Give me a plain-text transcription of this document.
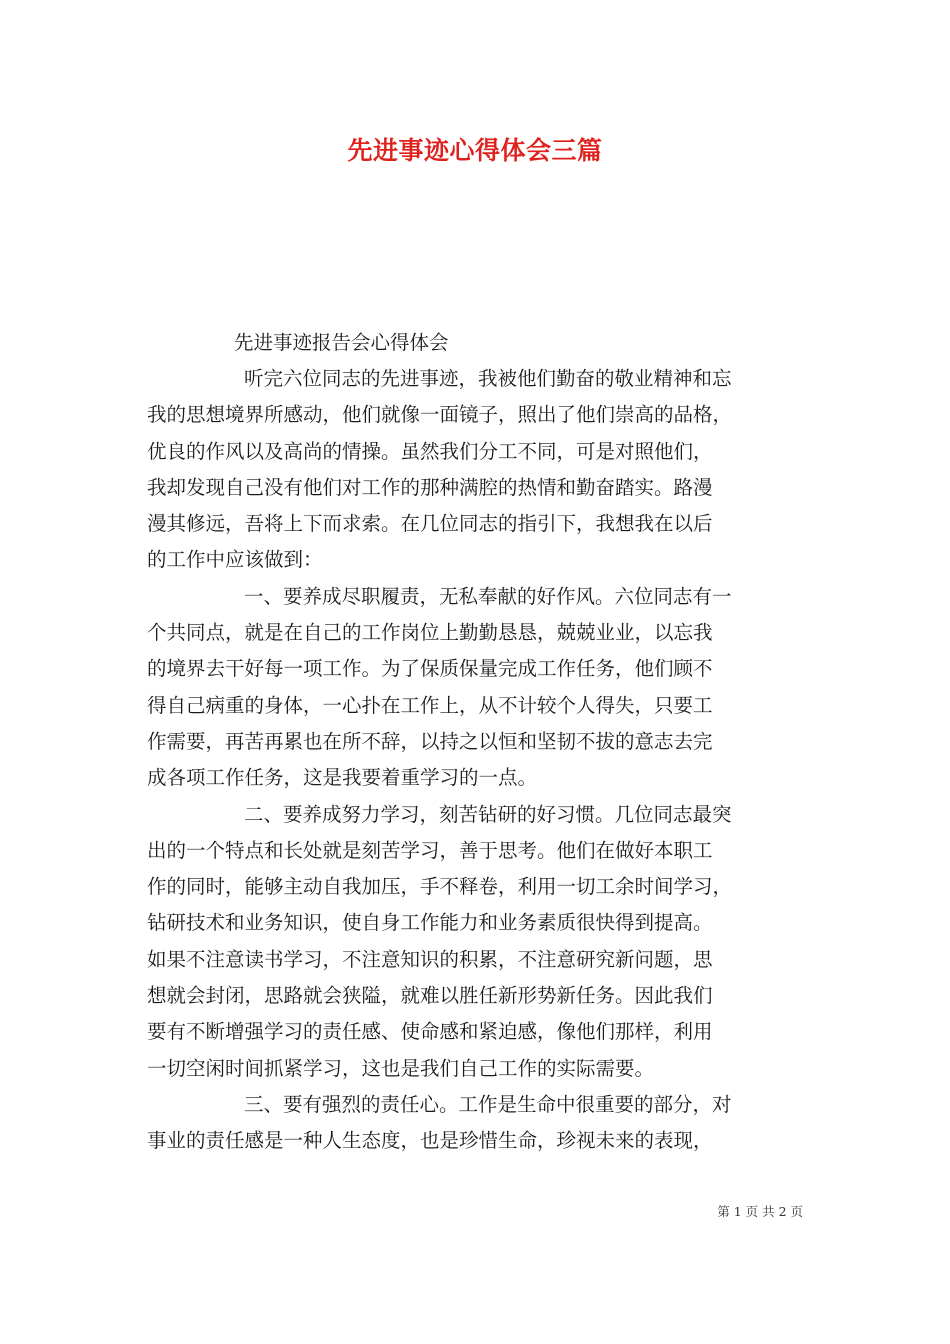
先进事迹心得体会三篇
先进事迹报告会心得体会
听完六位同志的先进事迹，我被他们勤奋的敬业精神和忘
我的思想境界所感动，他们就像一面镜子，照出了他们崇高的品格，
优良的作风以及高尚的情操。虽然我们分工不同，可是对照他们，
我却发现自己没有他们对工作的那种满腔的热情和勤奋踏实。路漫
漫其修远，吾将上下而求索。在几位同志的指引下，我想我在以后
的工作中应该做到：
一、要养成尽职履责，无私奉献的好作风。六位同志有一
个共同点，就是在自己的工作岗位上勤勤恳恳，兢兢业业，以忘我
的境界去干好每一项工作。为了保质保量完成工作任务，他们顾不
得自己病重的身体，一心扑在工作上，从不计较个人得失，只要工
作需要，再苦再累也在所不辞，以持之以恒和坚韧不拔的意志去完
成各项工作任务，这是我要着重学习的一点。
二、要养成努力学习，刻苦钻研的好习惯。几位同志最突
出的一个特点和长处就是刻苦学习，善于思考。他们在做好本职工
作的同时，能够主动自我加压，手不释卷，利用一切工余时间学习，
钻研技术和业务知识，使自身工作能力和业务素质很快得到提高。
如果不注意读书学习，不注意知识的积累，不注意研究新问题，思
想就会封闭，思路就会狭隘，就难以胜任新形势新任务。因此我们
要有不断增强学习的责任感、使命感和紧迫感，像他们那样，利用
一切空闲时间抓紧学习，这也是我们自己工作的实际需要。
三、要有强烈的责任心。工作是生命中很重要的部分，对
事业的责任感是一种人生态度，也是珍惜生命，珍视未来的表现，
第 1 页 共 2 页
